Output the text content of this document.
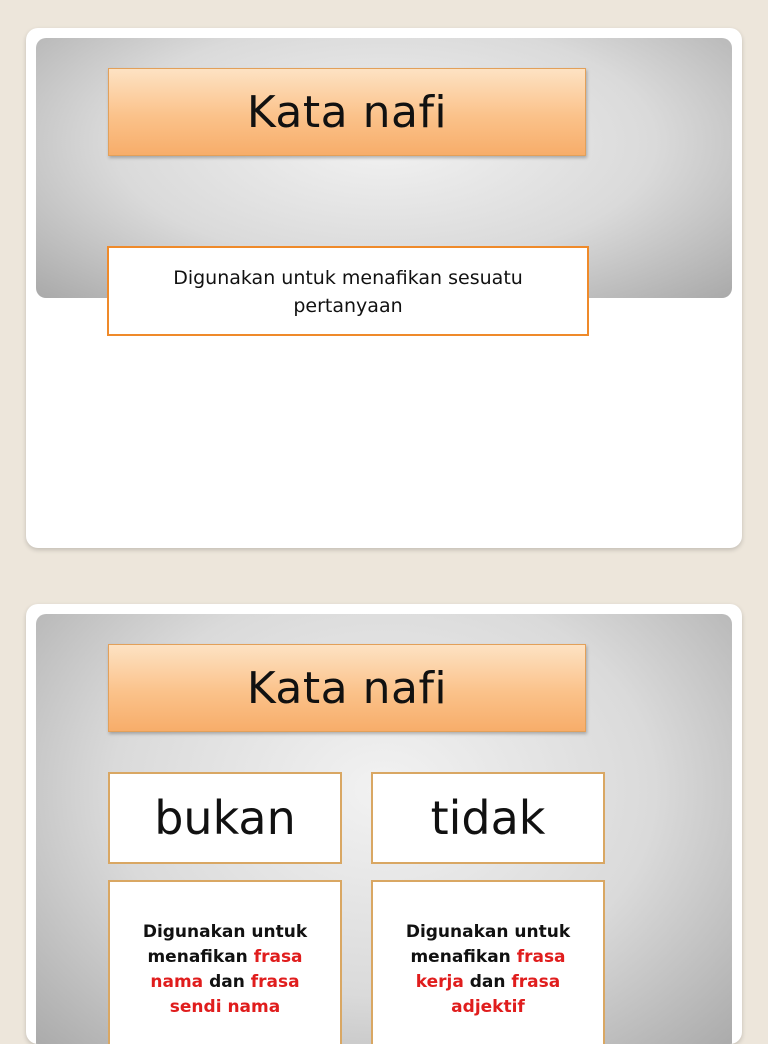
Kata nafi
Digunakan untuk menafikan sesuatu
pertanyaan
Kata nafi
bukan	tidak
Digunakan untuk
menafikan frasa
nama dan frasa
sendi nama
Digunakan untuk
menafikan frasa
kerja dan frasa
adjektif
